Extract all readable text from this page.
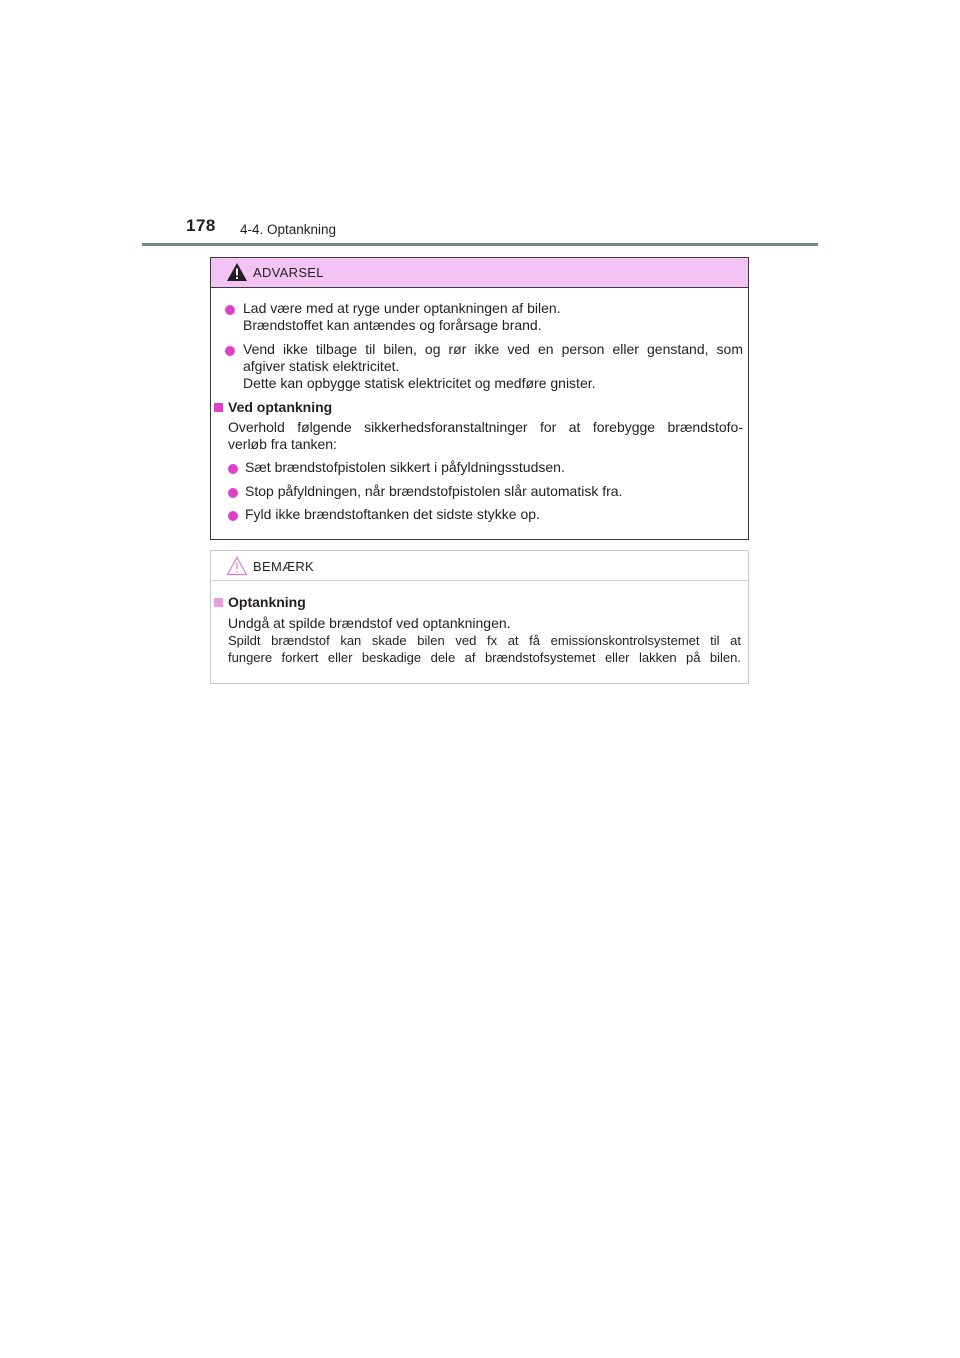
178 4-4. Optankning
ADVARSEL
Lad være med at ryge under optankningen af bilen.
Brændstoffet kan antændes og forårsage brand.
Vend ikke tilbage til bilen, og rør ikke ved en person eller genstand, som
afgiver statisk elektricitet.
Dette kan opbygge statisk elektricitet og medføre gnister.
Ved optankning
Overhold følgende sikkerhedsforanstaltninger for at forebygge brændstofo-
verløb fra tanken:
Sæt brændstofpistolen sikkert i påfyldningsstudsen.
Stop påfyldningen, når brændstofpistolen slår automatisk fra.
Fyld ikke brændstoftanken det sidste stykke op.
BEMÆRK
Optankning
Undgå at spilde brændstof ved optankningen.
Spildt brændstof kan skade bilen ved fx at få emissionskontrolsystemet til at
fungere forkert eller beskadige dele af brændstofsystemet eller lakken på bilen.
